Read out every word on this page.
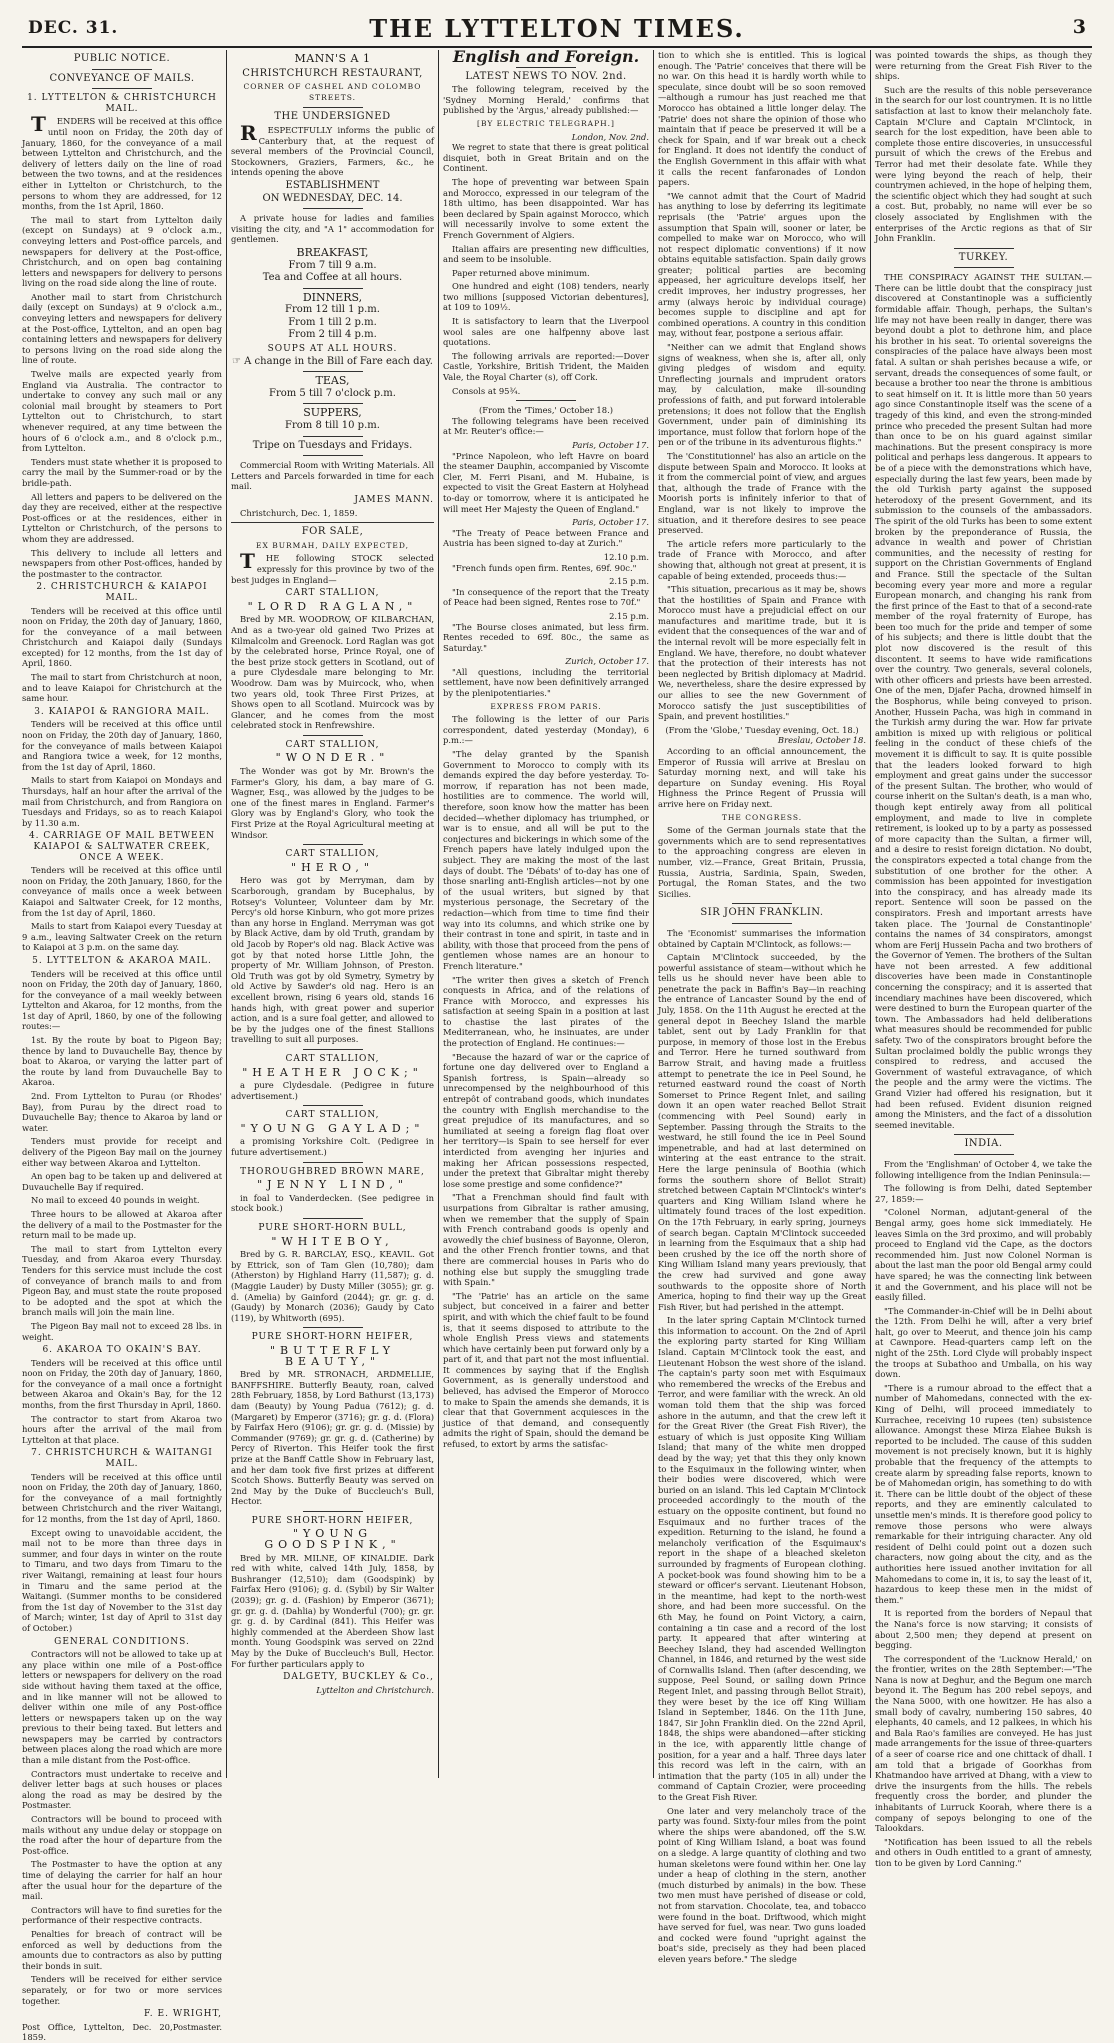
DEC. 31.	THE LYTTELTON TIMES.	3
PUBLIC NOTICE.
CONVEYANCE OF MAILS.
1. LYTTELTON & CHRISTCHURCH MAIL.

TENDERS will be received at this office until noon on Friday, the 20th day of January, 1860, for the conveyance of a mail between Lyttelton and Christchurch, and the delivery of letters daily on the line of road between the two towns, and at the residences either in Lyttelton or Christchurch, to the persons to whom they are addressed, for 12 months, from the 1st April, 1860.

The mail to start from Lyttelton daily (except on Sundays) at 9 o'clock a.m., conveying letters and Post-office parcels, and newspapers for delivery at the Post-office, Christchurch, and on open bag containing letters and newspapers for delivery to persons living on the road side along the line of route.

Another mail to start from Christchurch daily (except on Sundays) at 9 o'clock a.m., conveying letters and newspapers for delivery at the Post-office, Lyttelton, and an open bag containing letters and newspapers for delivery to persons living on the road side along the line of route.

Twelve mails are expected yearly from England via Australia. The contractor to undertake to convey any such mail or any colonial mail brought by steamers to Port Lyttelton out to Christchurch, to start whenever required, at any time between the hours of 6 o'clock a.m., and 8 o'clock p.m., from Lyttelton.

Tenders must state whether it is proposed to carry the mail by the Summer-road or by the bridle-path.

All letters and papers to be delivered on the day they are received, either at the respective Post-offices or at the residences, either in Lyttelton or Christchurch, of the persons to whom they are addressed.

This delivery to include all letters and newspapers from other Post-offices, handed by the postmaster to the contractor.

2. CHRISTCHURCH & KAIAPOI MAIL.

Tenders will be received at this office until noon on Friday, the 20th day of January, 1860, for the conveyance of a mail between Christchurch and Kaiapoi daily (Sundays excepted) for 12 months, from the 1st day of April, 1860.

The mail to start from Christchurch at noon, and to leave Kaiapoi for Christchurch at the same hour.

3. KAIAPOI & RANGIORA MAIL.

Tenders will be received at this office until noon on Friday, the 20th day of January, 1860, for the conveyance of mails between Kaiapoi and Rangiora twice a week, for 12 months, from the 1st day of April, 1860.

Mails to start from Kaiapoi on Mondays and Thursdays, half an hour after the arrival of the mail from Christchurch, and from Rangiora on Tuesdays and Fridays, so as to reach Kaiapoi by 11.30 a.m.

4. CARRIAGE OF MAIL BETWEEN KAIAPOI & SALTWATER CREEK, ONCE A WEEK.

Tenders will be received at this office until noon on Friday, the 20th January, 1860, for the conveyance of mails once a week between Kaiapoi and Saltwater Creek, for 12 months, from the 1st day of April, 1860.

Mails to start from Kaiapoi every Tuesday at 9 a.m., leaving Saltwater Creek on the return to Kaiapoi at 3 p.m. on the same day.

5. LYTTELTON & AKAROA MAIL.

Tenders will be received at this office until noon on Friday, the 20th day of January, 1860, for the conveyance of a mail weekly between Lyttelton and Akaroa, for 12 months, from the 1st day of April, 1860, by one of the following routes:—

1st. By the route by boat to Pigeon Bay; thence by land to Duvauchelle Bay, thence by boat to Akaroa, or varying the latter part of the route by land from Duvauchelle Bay to Akaroa.

2nd. From Lyttelton to Purau (or Rhodes' Bay), from Purau by the direct road to Duvauchelle Bay; thence to Akaroa by land or water.

Tenders must provide for receipt and delivery of the Pigeon Bay mail on the journey either way between Akaroa and Lyttelton.

An open bag to be taken up and delivered at Duvauchelle Bay if required.

No mail to exceed 40 pounds in weight.

Three hours to be allowed at Akaroa after the delivery of a mail to the Postmaster for the return mail to be made up.

The mail to start from Lyttelton every Tuesday, and from Akaroa every Thursday. Tenders for this service must include the cost of conveyance of branch mails to and from Pigeon Bay, and must state the route proposed to be adopted and the spot at which the branch mails will join the main line.

The Pigeon Bay mail not to exceed 28 lbs. in weight.

6. AKAROA TO OKAIN'S BAY.

Tenders will be received at this office until noon on Friday, the 20th day of January, 1860, for the conveyance of a mail once a fortnight between Akaroa and Okain's Bay, for the 12 months, from the first Thursday in April, 1860.

The contractor to start from Akaroa two hours after the arrival of the mail from Lyttelton at that place.

7. CHRISTCHURCH & WAITANGI MAIL.

Tenders will be received at this office until noon on Friday, the 20th day of January, 1860, for the conveyance of a mail fortnightly between Christchurch and the river Waitangi, for 12 months, from the 1st day of April, 1860.

Except owing to unavoidable accident, the mail not to be more than three days in summer, and four days in winter on the route to Timaru, and two days from Timaru to the river Waitangi, remaining at least four hours in Timaru and the same period at the Waitangi. (Summer months to be considered from the 1st day of November to the 31st day of March; winter, 1st day of April to 31st day of October.)

GENERAL CONDITIONS.

Contractors will not be allowed to take up at any place within one mile of a Post-office letters or newspapers for delivery on the road side without having them taxed at the office, and in like manner will not be allowed to deliver within one mile of any Post-office letters or newspapers taken up on the way previous to their being taxed. But letters and newspapers may be carried by contractors between places along the road which are more than a mile distant from the Post-office.

Contractors must undertake to receive and deliver letter bags at such houses or places along the road as may be desired by the Postmaster.

Contractors will be bound to proceed with mails without any undue delay or stoppage on the road after the hour of departure from the Post-office.

The Postmaster to have the option at any time of delaying the carrier for half an hour after the usual hour for the departure of the mail.

Contractors will have to find sureties for the performance of their respective contracts.

Penalties for breach of contract will be enforced as well by deductions from the amounts due to contractors as also by putting their bonds in suit.

Tenders will be received for either service separately, or for two or more services together.

F. E. WRIGHT,
Post Office, Lyttelton, Dec. 20, 1859.
Postmaster.
MANN'S A 1
CHRISTCHURCH RESTAURANT,
CORNER OF CASHEL AND COLOMBO STREETS.
THE UNDERSIGNED

RESPECTFULLY informs the public of Canterbury that, at the request of several members of the Provincial Council, Stockowners, Graziers, Farmers, &c., he intends opening the above

ESTABLISHMENT
ON WEDNESDAY, DEC. 14.

A private house for ladies and families visiting the city, and "A 1" accommodation for gentlemen.

BREAKFAST,
From 7 till 9 a.m.
Tea and Coffee at all hours.
DINNERS,
From 12 till 1 p.m.
From 1 till 2 p.m.
From 2 till 4 p.m.
SOUPS AT ALL HOURS.
☞ A change in the Bill of Fare each day.
TEAS,
From 5 till 7 o'clock p.m.
SUPPERS,
From 8 till 10 p.m.
Tripe on Tuesdays and Fridays.

Commercial Room with Writing Materials. All Letters and Parcels forwarded in time for each mail.

JAMES MANN.

Christchurch, Dec. 1, 1859.

FOR SALE,
EX BURMAH, DAILY EXPECTED,

THE following STOCK selected expressly for this province by two of the best judges in England—

CART STALLION,
"LORD RAGLAN,"

Bred by MR. WOODROW, OF KILBARCHAN, And as a two-year old gained Two Prizes at Kilmalcolm and Greenock. Lord Raglan was got by the celebrated horse, Prince Royal, one of the best prize stock getters in Scotland, out of a pure Clydesdale mare belonging to Mr. Woodrow. Dam was by Muircock, who, when two years old, took Three First Prizes, at Shows open to all Scotland. Muircock was by Glancer, and he comes from the most celebrated stock in Renfrewshire.

CART STALLION,
"WONDER."

The Wonder was got by Mr. Brown's the Farmer's Glory, his dam, a bay mare of G. Wagner, Esq., was allowed by the judges to be one of the finest mares in England. Farmer's Glory was by England's Glory, who took the First Prize at the Royal Agricultural meeting at Windsor.

CART STALLION,
"HERO,"

Hero was got by Merryman, dam by Scarborough, grandam by Bucephalus, by Rotsey's Volunteer, Volunteer dam by Mr. Percy's old horse Kinburn, who got more prizes than any horse in England. Merryman was got by Black Active, dam by old Truth, grandam by old Jacob by Roper's old nag. Black Active was got by that noted horse Little John, the property of Mr. William Johnson, of Preston. Old Truth was got by old Symetry, Symetry by old Active by Sawder's old nag. Hero is an excellent brown, rising 6 years old, stands 16 hands high, with great power and superior action, and is a sure foal getter, and allowed to be by the judges one of the finest Stallions travelling to suit all purposes.

CART STALLION,
"HEATHER JOCK;"

a pure Clydesdale. (Pedigree in future advertisement.)

CART STALLION,
"YOUNG GAYLAD;"

a promising Yorkshire Colt. (Pedigree in future advertisement.)

THOROUGHBRED BROWN MARE,
"JENNY LIND,"

in foal to Vanderdecken. (See pedigree in stock book.)

PURE SHORT-HORN BULL,
"WHITEBOY,

Bred by G. R. BARCLAY, ESQ., KEAVIL. Got by Ettrick, son of Tam Glen (10,780); dam (Atherston) by Highland Harry (11,587); g. d. (Maggie Lauder) by Dusty Miller (3055); gr. g. d. (Amelia) by Gainford (2044); gr. gr. g. d. (Gaudy) by Monarch (2036); Gaudy by Cato (119), by Whitworth (695).

PURE SHORT-HORN HEIFER,
"BUTTERFLY BEAUTY,"

Bred by MR. STRONACH, ARDMELLIE, BANFFSHIRE. Butterfly Beauty, roan, calved 28th February, 1858, by Lord Bathurst (13,173) dam (Beauty) by Young Padua (7612); g. d. (Margaret) by Emperor (3716); gr. g. d. (Flora) by Fairfax Hero (9106); gr. gr. g. d. (Missie) by Commander (9769); gr. gr. g. d. (Catherine) by Percy of Riverton. This Heifer took the first prize at the Banff Cattle Show in February last, and her dam took five first prizes at different Scotch Shows. Butterfly Beauty was served on 2nd May by the Duke of Buccleuch's Bull, Hector.

PURE SHORT-HORN HEIFER,
"YOUNG GOODSPINK,"

Bred by MR. MILNE, OF KINALDIE. Dark red with white, calved 14th July, 1858, by Bushranger (12,510); dam (Goodspink) by Fairfax Hero (9106); g. d. (Sybil) by Sir Walter (2039); gr. g. d. (Fashion) by Emperor (3671); gr. gr. g. d. (Dahlia) by Wonderful (700); gr. gr. gr. g. d. by Cardinal (841). This Heifer was highly commended at the Aberdeen Show last month. Young Goodspink was served on 22nd May by the Duke of Buccleuch's Bull, Hector. For further particulars apply to

DALGETY, BUCKLEY & Co.,
Lyttelton and Christchurch.
English and Foreign.
LATEST NEWS TO NOV. 2nd.

The following telegram, received by the 'Sydney Morning Herald,' confirms that published by the 'Argus,' already published:—

[BY ELECTRIC TELEGRAPH.]
London, Nov. 2nd.

We regret to state that there is great political disquiet, both in Great Britain and on the Continent.

The hope of preventing war between Spain and Morocco, expressed in our telegram of the 18th ultimo, has been disappointed. War has been declared by Spain against Morocco, which will necessarily involve to some extent the French Government of Algiers.

Italian affairs are presenting new difficulties, and seem to be insoluble.

Paper returned above minimum.

One hundred and eight (108) tenders, nearly two millions [supposed Victorian debentures], at 109 to 109½.

It is satisfactory to learn that the Liverpool wool sales are one halfpenny above last quotations.

The following arrivals are reported:—Dover Castle, Yorkshire, British Trident, the Maiden Vale, the Royal Charter (s), off Cork.

Consols at 95¾.

(From the 'Times,' October 18.)

The following telegrams have been received at Mr. Reuter's office:—

Paris, October 17.

"Prince Napoleon, who left Havre on board the steamer Dauphin, accompanied by Viscomte Cler, M. Ferri Pisani, and M. Hubaine, is expected to visit the Great Eastern at Holyhead to-day or tomorrow, where it is anticipated he will meet Her Majesty the Queen of England."

Paris, October 17.

"The Treaty of Peace between France and Austria has been signed to-day at Zurich."

12.10 p.m.

"French funds open firm. Rentes, 69f. 90c."

2.15 p.m.

"In consequence of the report that the Treaty of Peace had been signed, Rentes rose to 70f."

2.15 p.m.

"The Bourse closes animated, but less firm. Rentes receded to 69f. 80c., the same as Saturday."

Zurich, October 17.

"All questions, including the territorial settlement, have now been definitively arranged by the plenipotentiaries."

EXPRESS FROM PARIS.

The following is the letter of our Paris correspondent, dated yesterday (Monday), 6 p.m.:—

"The delay granted by the Spanish Government to Morocco to comply with its demands expired the day before yesterday. To-morrow, if reparation has not been made, hostilities are to commence. The world will, therefore, soon know how the matter has been decided—whether diplomacy has triumphed, or war is to ensue, and all will be put to the conjectures and bickerings in which some of the French papers have lately indulged upon the subject. They are making the most of the last days of doubt. The 'Débats' of to-day has one of those snarling anti-English articles—not by one of the usual writers, but signed by that mysterious personage, the Secretary of the redaction—which from time to time find their way into its columns, and which strike one by their contrast in tone and spirit, in taste and in ability, with those that proceed from the pens of gentlemen whose names are an honour to French literature."

"The writer then gives a sketch of French conquests in Africa, and of the relations of France with Morocco, and expresses his satisfaction at seeing Spain in a position at last to chastise the last pirates of the Mediterranean, who, he insinuates, are under the protection of England. He continues:—

"Because the hazard of war or the caprice of fortune one day delivered over to England a Spanish fortress, is Spain—already so unrecompensed by the neighbourhood of this entrepôt of contraband goods, which inundates the country with English merchandise to the great prejudice of its manufactures, and so humiliated at seeing a foreign flag float over her territory—is Spain to see herself for ever interdicted from avenging her injuries and making her African possessions respected, under the pretext that Gibraltar might thereby lose some prestige and some confidence?"

"That a Frenchman should find fault with usurpations from Gibraltar is rather amusing, when we remember that the supply of Spain with French contraband goods is openly and avowedly the chief business of Bayonne, Oleron, and the other French frontier towns, and that there are commercial houses in Paris who do nothing else but supply the smuggling trade with Spain."

"The 'Patrie' has an article on the same subject, but conceived in a fairer and better spirit, and with which the chief fault to be found is, that it seems disposed to attribute to the whole English Press views and statements which have certainly been put forward only by a part of it, and that part not the most influential. It commences by saying that if the English Government, as is generally understood and believed, has advised the Emperor of Morocco to make to Spain the amends she demands, it is clear that that Government acquiesces in the justice of that demand, and consequently admits the right of Spain, should the demand be refused, to extort by arms the satisfac-

tion to which she is entitled. This is logical enough. The 'Patrie' conceives that there will be no war. On this head it is hardly worth while to speculate, since doubt will be so soon removed—although a rumour has just reached me that Morocco has obtained a little longer delay. The 'Patrie' does not share the opinion of those who maintain that if peace be preserved it will be a check for Spain, and if war break out a check for England. It does not identify the conduct of the English Government in this affair with what it calls the recent fanfaronades of London papers.

"We cannot admit that the Court of Madrid has anything to lose by deferring its legitimate reprisals (the 'Patrie' argues upon the assumption that Spain will, sooner or later, be compelled to make war on Morocco, who will not respect diplomatic conventions) if it now obtains equitable satisfaction. Spain daily grows greater; political parties are becoming appeased, her agriculture develops itself, her credit improves, her industry progresses, her army (always heroic by individual courage) becomes supple to discipline and apt for combined operations. A country in this condition may, without fear, postpone a serious affair.

"Neither can we admit that England shows signs of weakness, when she is, after all, only giving pledges of wisdom and equity. Unreflecting journals and imprudent orators may, by calculation, make ill-sounding professions of faith, and put forward intolerable pretensions; it does not follow that the English Government, under pain of diminishing its importance, must follow that forlorn hope of the pen or of the tribune in its adventurous flights."

The 'Constitutionnel' has also an article on the dispute between Spain and Morocco. It looks at it from the commercial point of view, and argues that, although the trade of France with the Moorish ports is infinitely inferior to that of England, war is not likely to improve the situation, and it therefore desires to see peace preserved.

The article refers more particularly to the trade of France with Morocco, and after showing that, although not great at present, it is capable of being extended, proceeds thus:—

"This situation, precarious as it may be, shows that the hostilities of Spain and France with Morocco must have a prejudicial effect on our manufactures and maritime trade, but it is evident that the consequences of the war and of the internal revolt will be more especially felt in England. We have, therefore, no doubt whatever that the protection of their interests has not been neglected by British diplomacy at Madrid. We, nevertheless, share the desire expressed by our allies to see the new Government of Morocco satisfy the just susceptibilities of Spain, and prevent hostilities."

(From the 'Globe,' Tuesday evening, Oct. 18.)
Breslau, October 18.

According to an official announcement, the Emperor of Russia will arrive at Breslau on Saturday morning next, and will take his departure on Sunday evening. His Royal Highness the Prince Regent of Prussia will arrive here on Friday next.

THE CONGRESS.

Some of the German journals state that the governments which are to send representatives to the approaching congress are eleven in number, viz.—France, Great Britain, Prussia, Russia, Austria, Sardinia, Spain, Sweden, Portugal, the Roman States, and the two Sicilies.

SIR JOHN FRANKLIN.

The 'Economist' summarises the information obtained by Captain M'Clintock, as follows:—

Captain M'Clintock succeeded, by the powerful assistance of steam—without which he tells us he should never have been able to penetrate the pack in Baffin's Bay—in reaching the entrance of Lancaster Sound by the end of July, 1858. On the 11th August he erected at the general depot in Beechey Island the marble tablet, sent out by Lady Franklin for that purpose, in memory of those lost in the Erebus and Terror. Here he turned southward from Barrow Strait, and having made a fruitless attempt to penetrate the ice in Peel Sound, he returned eastward round the coast of North Somerset to Prince Regent Inlet, and sailing down it an open water reached Bellot Strait (commencing with Peel Sound) early in September. Passing through the Straits to the westward, he still found the ice in Peel Sound impenetrable, and had at last determined on wintering at the east entrance to the strait. Here the large peninsula of Boothia (which forms the southern shore of Bellot Strait) stretched between Captain M'Clintock's winter's quarters and King William Island where he ultimately found traces of the lost expedition. On the 17th February, in early spring, journeys of search began. Captain M'Clintock succeeded in learning from the Esquimaux that a ship had been crushed by the ice off the north shore of King William Island many years previously, that the crew had survived and gone away southwards to the opposite shore of North America, hoping to find their way up the Great Fish River, but had perished in the attempt.

In the later spring Captain M'Clintock turned this information to account. On the 2nd of April the exploring party started for King William Island. Captain M'Clintock took the east, and Lieutenant Hobson the west shore of the island. The captain's party soon met with Esquimaux who remembered the wrecks of the Erebus and Terror, and were familiar with the wreck. An old woman told them that the ship was forced ashore in the autumn, and that the crew left it for the Great River (the Great Fish River), the estuary of which is just opposite King William Island; that many of the white men dropped dead by the way; yet that this they only known to the Esquimaux in the following winter, when their bodies were discovered, which were buried on an island. This led Captain M'Clintock proceeded accordingly to the mouth of the estuary on the opposite continent, but found no Esquimaux and no further traces of the expedition. Returning to the island, he found a melancholy verification of the Esquimaux's report in the shape of a bleached skeleton surrounded by fragments of European clothing. A pocket-book was found showing him to be a steward or officer's servant. Lieutenant Hobson, in the meantime, had kept to the north-west shore, and had been more successful. On the 6th May, he found on Point Victory, a cairn, containing a tin case and a record of the lost party. It appeared that after wintering at Beechey Island, they had ascended Wellington Channel, in 1846, and returned by the west side of Cornwallis Island. Then (after descending, we suppose, Peel Sound, or sailing down Prince Regent Inlet, and passing through Bellot Strait), they were beset by the ice off King William Island in September, 1846. On the 11th June, 1847, Sir John Franklin died. On the 22nd April, 1848, the ships were abandoned—after sticking in the ice, with apparently little change of position, for a year and a half. Three days later this record was left in the cairn, with an intimation that the party (105 in all) under the command of Captain Crozier, were proceeding to the Great Fish River.

One later and very melancholy trace of the party was found. Sixty-four miles from the point where the ships were abandoned, off the S.W. point of King William Island, a boat was found on a sledge. A large quantity of clothing and two human skeletons were found within her. One lay under a heap of clothing in the stern, another (much disturbed by animals) in the bow. These two men must have perished of disease or cold, not from starvation. Chocolate, tea, and tobacco were found in the boat. Driftwood, which might have served for fuel, was near. Two guns loaded and cocked were found "upright against the boat's side, precisely as they had been placed eleven years before." The sledge

was pointed towards the ships, as though they were returning from the Great Fish River to the ships.

Such are the results of this noble perseverance in the search for our lost countrymen. It is no little satisfaction at last to know their melancholy fate. Captain M'Clure and Captain M'Clintock, in search for the lost expedition, have been able to complete those entire discoveries, in unsuccessful pursuit of which the crews of the Erebus and Terror had met their desolate fate. While they were lying beyond the reach of help, their countrymen achieved, in the hope of helping them, the scientific object which they had sought at such a cost. But, probably, no name will ever be so closely associated by Englishmen with the enterprises of the Arctic regions as that of Sir John Franklin.

TURKEY.

THE CONSPIRACY AGAINST THE SULTAN.—There can be little doubt that the conspiracy just discovered at Constantinople was a sufficiently formidable affair. Though, perhaps, the Sultan's life may not have been really in danger, there was beyond doubt a plot to dethrone him, and place his brother in his seat. To oriental sovereigns the conspiracies of the palace have always been most fatal. A sultan or shah perishes because a wife, or servant, dreads the consequences of some fault, or because a brother too near the throne is ambitious to seat himself on it. It is little more than 50 years ago since Constantinople itself was the scene of a tragedy of this kind, and even the strong-minded prince who preceded the present Sultan had more than once to be on his guard against similar machinations. But the present conspiracy is more political and perhaps less dangerous. It appears to be of a piece with the demonstrations which have, especially during the last few years, been made by the old Turkish party against the supposed heterodoxy of the present Government, and its submission to the counsels of the ambassadors. The spirit of the old Turks has been to some extent broken by the preponderance of Russia, the advance in wealth and power of Christian communities, and the necessity of resting for support on the Christian Governments of England and France. Still the spectacle of the Sultan becoming every year more and more a regular European monarch, and changing his rank from the first prince of the East to that of a second-rate member of the royal fraternity of Europe, has been too much for the pride and temper of some of his subjects; and there is little doubt that the plot now discovered is the result of this discontent. It seems to have wide ramifications over the country. Two generals, several colonels, with other officers and priests have been arrested. One of the men, Djafer Pacha, drowned himself in the Bosphorus, while being conveyed to prison. Another, Hussein Pacha, was high in command in the Turkish army during the war. How far private ambition is mixed up with religious or political feeling in the conduct of these chiefs of the movement it is difficult to say. It is quite possible that the leaders looked forward to high employment and great gains under the successor of the present Sultan. The brother, who would of course inherit on the Sultan's death, is a man who, though kept entirely away from all political employment, and made to live in complete retirement, is looked up to by a party as possessed of more capacity than the Sultan, a firmer will, and a desire to resist foreign dictation. No doubt, the conspirators expected a total change from the substitution of one brother for the other. A commission has been appointed for investigation into the conspiracy, and has already made its report. Sentence will soon be passed on the conspirators. Fresh and important arrests have taken place. The 'Journal de Constantinople' contains the names of 34 conspirators, amongst whom are Ferij Hussein Pacha and two brothers of the Governor of Yemen. The brothers of the Sultan have not been arrested. A few additional discoveries have been made in Constantinople concerning the conspiracy; and it is asserted that incendiary machines have been discovered, which were destined to burn the European quarter of the town. The Ambassadors had held deliberations what measures should be recommended for public safety. Two of the conspirators brought before the Sultan proclaimed boldly the public wrongs they conspired to redress, and accused the Government of wasteful extravagance, of which the people and the army were the victims. The Grand Vizier had offered his resignation, but it had been refused. Evident disunion reigned among the Ministers, and the fact of a dissolution seemed inevitable.

INDIA.

From the 'Englishman' of October 4, we take the following intelligence from the Indian Peninsula:—

The following is from Delhi, dated September 27, 1859:—

"Colonel Norman, adjutant-general of the Bengal army, goes home sick immediately. He leaves Simla on the 3rd proximo, and will probably proceed to England vid the Cape, as the doctors recommended him. Just now Colonel Norman is about the last man the poor old Bengal army could have spared; he was the connecting link between it and the Government, and his place will not be easily filled.

"The Commander-in-Chief will be in Delhi about the 12th. From Delhi he will, after a very brief halt, go over to Meerut, and thence join his camp at Cawnpore. Head-quarters camp left on the night of the 25th. Lord Clyde will probably inspect the troops at Subathoo and Umballa, on his way down.

"There is a rumour abroad to the effect that a number of Mahomedans, connected with the ex-King of Delhi, will proceed immediately to Kurrachee, receiving 10 rupees (ten) subsistence allowance. Amongst these Mirza Elahee Buksh is reported to be included. The cause of this sudden movement is not precisely known, but it is highly probable that the frequency of the attempts to create alarm by spreading false reports, known to be of Mahomedan origin, has something to do with it. There can be little doubt of the object of these reports, and they are eminently calculated to unsettle men's minds. It is therefore good policy to remove those persons who were always remarkable for their intriguing character. Any old resident of Delhi could point out a dozen such characters, now going about the city, and as the authorities here issued another invitation for all Mahomedans to come in, it is, to say the least of it, hazardous to keep these men in the midst of them."

It is reported from the borders of Nepaul that the Nana's force is now starving; it consists of about 2,500 men; they depend at present on begging.

The correspondent of the 'Lucknow Herald,' on the frontier, writes on the 28th September:—"The Nana is now at Deghur, and the Begum one march beyond it. The Begum has 200 rebel sepoys, and the Nana 5000, with one howitzer. He has also a small body of cavalry, numbering 150 sabres, 40 elephants, 40 camels, and 12 palkees, in which his and Bala Rao's families are conveyed. He has just made arrangements for the issue of three-quarters of a seer of coarse rice and one chittack of dhall. I am told that a brigade of Goorkhas from Khatmandoo have arrived at Dhang, with a view to drive the insurgents from the hills. The rebels frequently cross the border, and plunder the inhabitants of Lurruck Koorah, where there is a company of sepoys belonging to one of the Talookdars.

"Notification has been issued to all the rebels and others in Oudh entitled to a grant of amnesty, tion to be given by Lord Canning."
